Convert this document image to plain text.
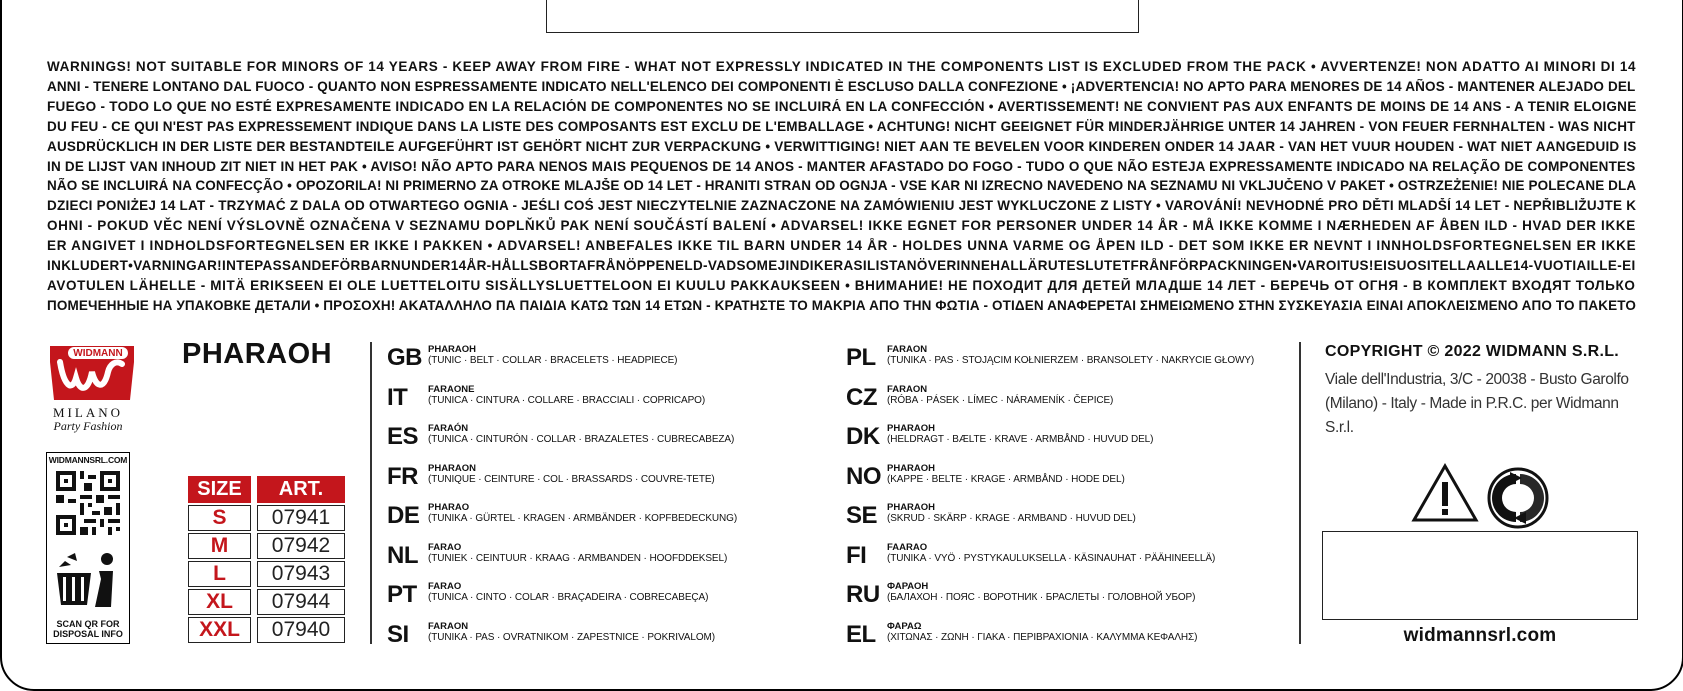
WARNINGS! NOT SUITABLE FOR MINORS OF 14 YEARS - KEEP AWAY FROM FIRE - WHAT NOT EXPRESSLY INDICATED IN THE COMPONENTS LIST IS EXCLUDED FROM THE PACK • AVVERTENZE! NON ADATTO AI MINORI DI 14
ANNI - TENERE LONTANO DAL FUOCO - QUANTO NON ESPRESSAMENTE INDICATO NELL'ELENCO DEI COMPONENTI È ESCLUSO DALLA CONFEZIONE • ¡ADVERTENCIA! NO APTO PARA MENORES DE 14 AÑOS - MANTENER ALEJADO DEL
FUEGO - TODO LO QUE NO ESTÉ EXPRESAMENTE INDICADO EN LA RELACIÓN DE COMPONENTES NO SE INCLUIRÁ EN LA CONFECCIÓN • AVERTISSEMENT! NE CONVIENT PAS AUX ENFANTS DE MOINS DE 14 ANS - A TENIR ELOIGNE
DU FEU - CE QUI N'EST PAS EXPRESSEMENT INDIQUE DANS LA LISTE DES COMPOSANTS EST EXCLU DE L'EMBALLAGE • ACHTUNG! NICHT GEEIGNET FÜR MINDERJÄHRIGE UNTER 14 JAHREN - VON FEUER FERNHALTEN - WAS NICHT
AUSDRÜCKLICH IN DER LISTE DER BESTANDTEILE AUFGEFÜHRT IST GEHÖRT NICHT ZUR VERPACKUNG • VERWITTIGING! NIET AAN TE BEVELEN VOOR KINDEREN ONDER 14 JAAR - VAN HET VUUR HOUDEN - WAT NIET AANGEDUID IS
IN DE LIJST VAN INHOUD ZIT NIET IN HET PAK • AVISO! NÃO APTO PARA NENOS MAIS PEQUENOS DE 14 ANOS - MANTER AFASTADO DO FOGO - TUDO O QUE NÃO ESTEJA EXPRESSAMENTE INDICADO NA RELAÇÃO DE COMPONENTES
NÃO SE INCLUIRÁ NA CONFECÇÃO • OPOZORILA! NI PRIMERNO ZA OTROKE MLAJŠE OD 14 LET - HRANITI STRAN OD OGNJA - VSE KAR NI IZRECNO NAVEDENO NA SEZNAMU NI VKLJUČENO V PAKET • OSTRZEŻENIE! NIE POLECANE DLA
DZIECI PONIŻEJ 14 LAT - TRZYMAĆ Z DALA OD OTWARTEGO OGNIA - JEŚLI COŚ JEST NIECZYTELNIE ZAZNACZONE NA ZAMÓWIENIU JEST WYKLUCZONE Z LISTY • VAROVÁNÍ! NEVHODNÉ PRO DĚTI MLADŠÍ 14 LET - NEPŘIBLIŽUJTE K
OHNI - POKUD VĚC NENÍ VÝSLOVNĚ OZNAČENA V SEZNAMU DOPLŇKŮ PAK NENÍ SOUČÁSTÍ BALENÍ • ADVARSEL! IKKE EGNET FOR PERSONER UNDER 14 ÅR - MÅ IKKE KOMME I NÆRHEDEN AF ÅBEN ILD - HVAD DER IKKE
ER ANGIVET I INDHOLDSFORTEGNELSEN ER IKKE I PAKKEN • ADVARSEL! ANBEFALES IKKE TIL BARN UNDER 14 ÅR - HOLDES UNNA VARME OG ÅPEN ILD - DET SOM IKKE ER NEVNT I INNHOLDSFORTEGNELSEN ER IKKE
INKLUDERT•VARNINGAR!INTEPASSANDEFÖRBARNUNDER14ÅR-HÅLLSBORTAFRÅNÖPPENELD-VADSOMEJINDIKERASILISTANÖVERINNEHALLÄRUTESLUTETFRÅNFÖRPACKNINGEN•VAROITUS!EISUOSITELLAALLE14-VUOTIAILLE-EI
AVOTULEN LÄHELLE - MITÄ ERIKSEEN EI OLE LUETTELOITU SISÄLLYSLUETTELOON EI KUULU PAKKAUKSEEN • ВНИМАНИЕ! НЕ ПОХОДИТ ДЛЯ ДЕТЕЙ МЛАДШЕ 14 ЛЕТ - БЕРЕЧЬ ОТ ОГНЯ - В КОМПЛЕКТ ВХОДЯТ ТОЛЬКО
ПОМЕЧЕННЫЕ НА УПАКОВКЕ ДЕТАЛИ • ΠΡΟΣΟΧΗ! ΑΚΑΤΑΛΛΗΛΟ ΠΑ ΠΑΙΔΙΑ ΚΑΤΩ ΤΩΝ 14 ΕΤΩΝ - ΚΡΑΤΗΣΤΕ ΤΟ ΜΑΚΡΙΑ ΑΠΟ ΤΗΝ ΦΩΤΙΑ - ΟΤΙΔΕΝ ΑΝΑΦΕΡΕΤΑΙ ΣΗΜΕΙΩΜΕΝΟ ΣΤΗΝ ΣΥΣΚΕΥΑΣΙΑ ΕΙΝΑΙ ΑΠΟΚΛΕΙΣΜΕΝΟ ΑΠΟ ΤΟ ΠΑΚΕΤΟ
WIDMANN
MILANO
Party Fashion
WIDMANNSRL.COM
SCAN QR FOR
DISPOSAL INFO
PHARAOH
SIZE	ART.
S	07941
M	07942
L	07943
XL	07944
XXL	07940
GB PHARAOH
(TUNIC · BELT · COLLAR · BRACELETS · HEADPIECE)
IT FARAONE
(TUNICA · CINTURA · COLLARE · BRACCIALI · COPRICAPO)
ES FARAÓN
(TUNICA · CINTURÓN · COLLAR · BRAZALETES · CUBRECABEZA)
FR PHARAON
(TUNIQUE · CEINTURE · COL · BRASSARDS · COUVRE-TETE)
DE PHARAO
(TUNIKA · GÜRTEL · KRAGEN · ARMBÄNDER · KOPFBEDECKUNG)
NL FARAO
(TUNIEK · CEINTUUR · KRAAG · ARMBANDEN · HOOFDDEKSEL)
PT FARAO
(TUNICA · CINTO · COLAR · BRAÇADEIRA · COBRECABEÇA)
SI FARAON
(TUNIKA · PAS · OVRATNIKOM · ZAPESTNICE · POKRIVALOM)
PL FARAON
(TUNIKA · PAS · STOJĄCIM KOŁNIERZEM · BRANSOLETY · NAKRYCIE GŁOWY)
CZ FARAON
(RÓBA · PÁSEK · LÍMEC · NÁRAMENÍK · ČEPICE)
DK PHARAOH
(HELDRAGT · BÆLTE · KRAVE · ARMBÅND · HUVUD DEL)
NO PHARAOH
(KAPPE · BELTE · KRAGE · ARMBÅND · HODE DEL)
SE PHARAOH
(SKRUD · SKÄRP · KRAGE · ARMBAND · HUVUD DEL)
FI FAARAO
(TUNIKA · VYÖ · PYSTYKAULUKSELLA · KÄSINAUHAT · PÄÄHINEELLÄ)
RU ФАРАОН
(БАЛАХОН · ПОЯС · ВОРОТНИК · БРАСЛЕТЫ · ГОЛОВНОЙ УБОР)
EL ΦΑΡΑΩ
(ΧΙΤΩΝΑΣ · ΖΩΝΗ · ΓΙΑΚΑ · ΠΕΡΙΒΡΑΧΙΟΝΙΑ · ΚΑΛΥΜΜΑ ΚΕΦΑΛΗΣ)
COPYRIGHT © 2022 WIDMANN S.R.L.
Viale dell'Industria, 3/C - 20038 - Busto Garolfo
(Milano) - Italy - Made in P.R.C. per Widmann S.r.l.
widmannsrl.com
